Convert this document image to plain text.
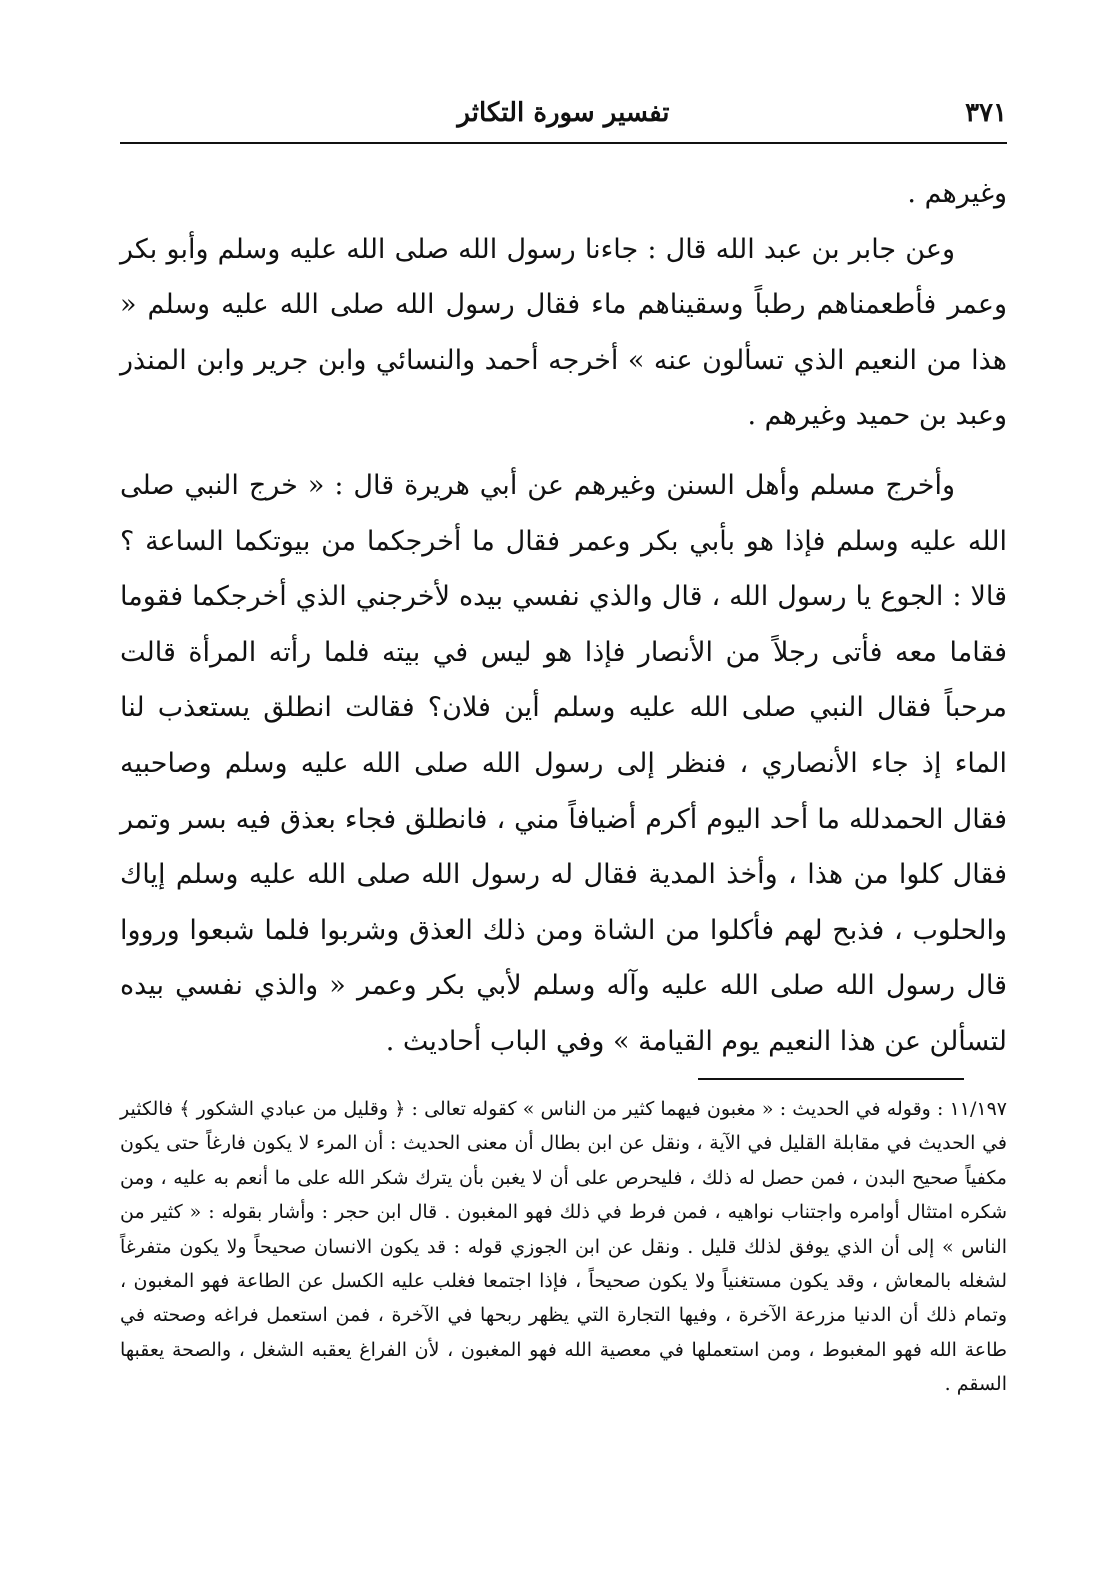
٣٧١
تفسير سورة التكاثر

وغيرهم .

وعن جابر بن عبد الله قال : جاءنا رسول الله صلى الله عليه وسلم وأبو بكر وعمر فأطعمناهم رطباً وسقيناهم ماء فقال رسول الله صلى الله عليه وسلم « هذا من النعيم الذي تسألون عنه » أخرجه أحمد والنسائي وابن جرير وابن المنذر وعبد بن حميد وغيرهم .

وأخرج مسلم وأهل السنن وغيرهم عن أبي هريرة قال : « خرج النبي صلى الله عليه وسلم فإذا هو بأبي بكر وعمر فقال ما أخرجكما من بيوتكما الساعة ؟ قالا : الجوع يا رسول الله ، قال والذي نفسي بيده لأخرجني الذي أخرجكما فقوما فقاما معه فأتى رجلاً من الأنصار فإذا هو ليس في بيته فلما رأته المرأة قالت مرحباً فقال النبي صلى الله عليه وسلم أين فلان؟ فقالت انطلق يستعذب لنا الماء إذ جاء الأنصاري ، فنظر إلى رسول الله صلى الله عليه وسلم وصاحبيه فقال الحمدلله ما أحد اليوم أكرم أضيافاً مني ، فانطلق فجاء بعذق فيه بسر وتمر فقال كلوا من هذا ، وأخذ المدية فقال له رسول الله صلى الله عليه وسلم إياك والحلوب ، فذبح لهم فأكلوا من الشاة ومن ذلك العذق وشربوا فلما شبعوا ورووا قال رسول الله صلى الله عليه وآله وسلم لأبي بكر وعمر « والذي نفسي بيده لتسألن عن هذا النعيم يوم القيامة » وفي الباب أحاديث .

١١/١٩٧ : وقوله في الحديث : « مغبون فيهما كثير من الناس » كقوله تعالى : ﴿ وقليل من عبادي الشكور ﴾ فالكثير في الحديث في مقابلة القليل في الآية ، ونقل عن ابن بطال أن معنى الحديث : أن المرء لا يكون فارغاً حتى يكون مكفياً صحيح البدن ، فمن حصل له ذلك ، فليحرص على أن لا يغبن بأن يترك شكر الله على ما أنعم به عليه ، ومن شكره امتثال أوامره واجتناب نواهيه ، فمن فرط في ذلك فهو المغبون . قال ابن حجر : وأشار بقوله : « كثير من الناس » إلى أن الذي يوفق لذلك قليل . ونقل عن ابن الجوزي قوله : قد يكون الانسان صحيحاً ولا يكون متفرغاً لشغله بالمعاش ، وقد يكون مستغنياً ولا يكون صحيحاً ، فإذا اجتمعا فغلب عليه الكسل عن الطاعة فهو المغبون ، وتمام ذلك أن الدنيا مزرعة الآخرة ، وفيها التجارة التي يظهر ربحها في الآخرة ، فمن استعمل فراغه وصحته في طاعة الله فهو المغبوط ، ومن استعملها في معصية الله فهو المغبون ، لأن الفراغ يعقبه الشغل ، والصحة يعقبها السقم .
